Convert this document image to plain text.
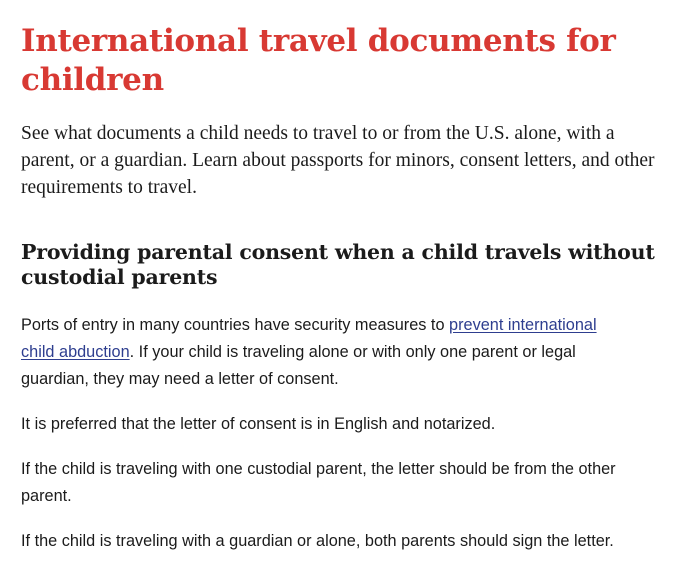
International travel documents for children

See what documents a child needs to travel to or from the U.S. alone, with a parent, or a guardian. Learn about passports for minors, consent letters, and other requirements to travel.

Providing parental consent when a child travels without custodial parents

Ports of entry in many countries have security measures to prevent international child abduction. If your child is traveling alone or with only one parent or legal guardian, they may need a letter of consent.

It is preferred that the letter of consent is in English and notarized.

If the child is traveling with one custodial parent, the letter should be from the other parent.

If the child is traveling with a guardian or alone, both parents should sign the letter.
